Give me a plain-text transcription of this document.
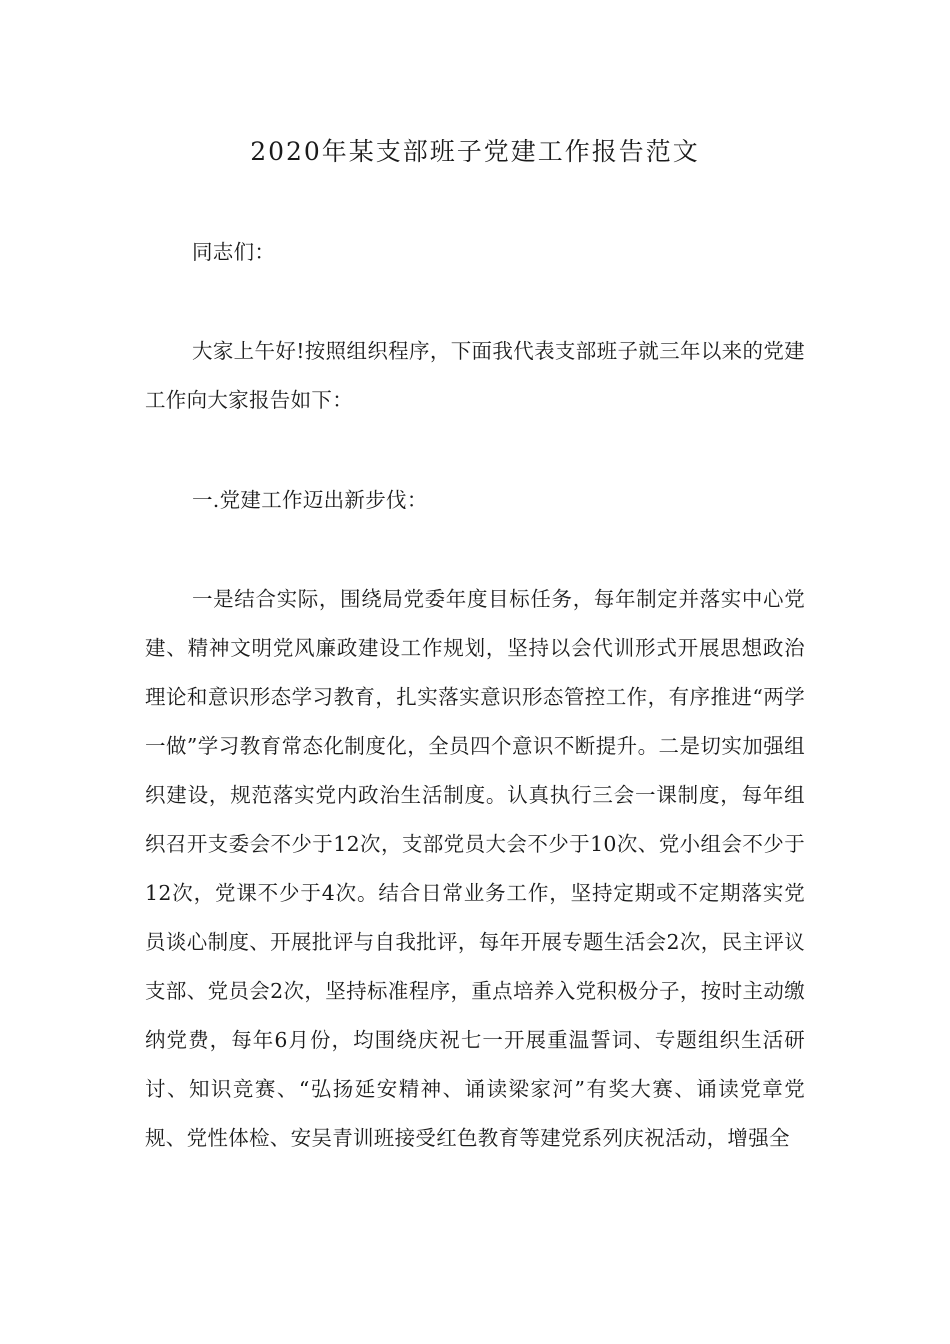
2020年某支部班子党建工作报告范文

同志们：

大家上午好!按照组织程序，下面我代表支部班子就三年以来的党建工作向大家报告如下：

一.党建工作迈出新步伐：

一是结合实际，围绕局党委年度目标任务，每年制定并落实中心党建、精神文明党风廉政建设工作规划，坚持以会代训形式开展思想政治理论和意识形态学习教育，扎实落实意识形态管控工作，有序推进“两学一做”学习教育常态化制度化，全员四个意识不断提升。二是切实加强组织建设，规范落实党内政治生活制度。认真执行三会一课制度，每年组织召开支委会不少于12次，支部党员大会不少于10次、党小组会不少于12次，党课不少于4次。结合日常业务工作，坚持定期或不定期落实党员谈心制度、开展批评与自我批评，每年开展专题生活会2次，民主评议支部、党员会2次，坚持标准程序，重点培养入党积极分子，按时主动缴纳党费，每年6月份，均围绕庆祝七一开展重温誓词、专题组织生活研讨、知识竞赛、“弘扬延安精神、诵读梁家河”有奖大赛、诵读党章党规、党性体检、安吴青训班接受红色教育等建党系列庆祝活动，增强全
